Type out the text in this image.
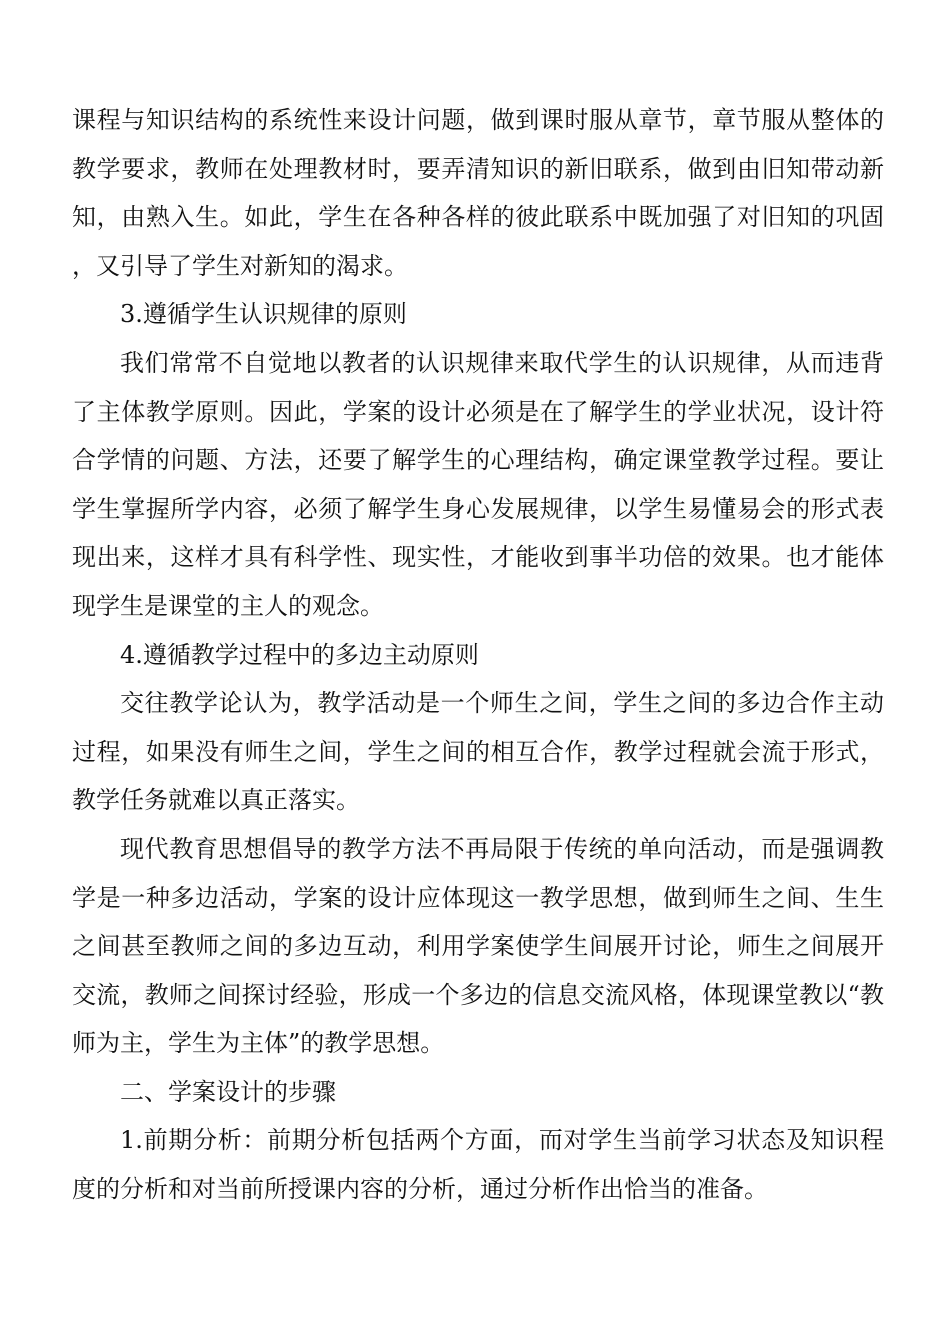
课程与知识结构的系统性来设计问题，做到课时服从章节，章节服从整体的教学要求，教师在处理教材时，要弄清知识的新旧联系，做到由旧知带动新知，由熟入生。如此，学生在各种各样的彼此联系中既加强了对旧知的巩固，又引导了学生对新知的渴求。

3.遵循学生认识规律的原则

我们常常不自觉地以教者的认识规律来取代学生的认识规律，从而违背了主体教学原则。因此，学案的设计必须是在了解学生的学业状况，设计符合学情的问题、方法，还要了解学生的心理结构，确定课堂教学过程。要让学生掌握所学内容，必须了解学生身心发展规律，以学生易懂易会的形式表现出来，这样才具有科学性、现实性，才能收到事半功倍的效果。也才能体现学生是课堂的主人的观念。

4.遵循教学过程中的多边主动原则

交往教学论认为，教学活动是一个师生之间，学生之间的多边合作主动过程，如果没有师生之间，学生之间的相互合作，教学过程就会流于形式，教学任务就难以真正落实。

现代教育思想倡导的教学方法不再局限于传统的单向活动，而是强调教学是一种多边活动，学案的设计应体现这一教学思想，做到师生之间、生生之间甚至教师之间的多边互动，利用学案使学生间展开讨论，师生之间展开交流，教师之间探讨经验，形成一个多边的信息交流风格，体现课堂教以“教师为主，学生为主体”的教学思想。

二、学案设计的步骤

1.前期分析：前期分析包括两个方面，而对学生当前学习状态及知识程度的分析和对当前所授课内容的分析，通过分析作出恰当的准备。
